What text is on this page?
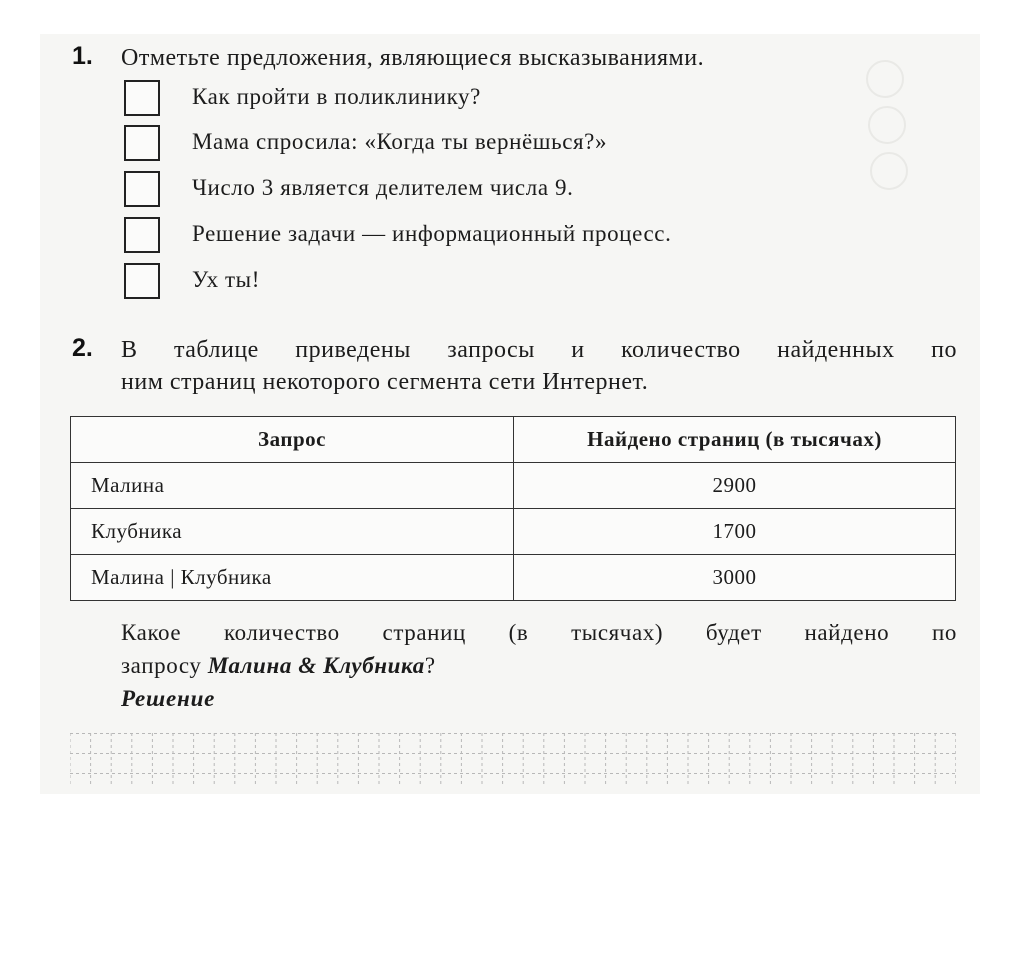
1. Отметьте предложения, являющиеся высказываниями.
Как пройти в поликлинику?
Мама спросила: «Когда ты вернёшься?»
Число 3 является делителем числа 9.
Решение задачи — информационный процесс.
Ух ты!
2. В таблице приведены запросы и количество найденных по
ним страниц некоторого сегмента сети Интернет.
Запрос	Найдено страниц (в тысячах)
Малина	2900
Клубника	1700
Малина | Клубника	3000
Какое количество страниц (в тысячах) будет найдено по
запросу Малина & Клубника?
Решение
